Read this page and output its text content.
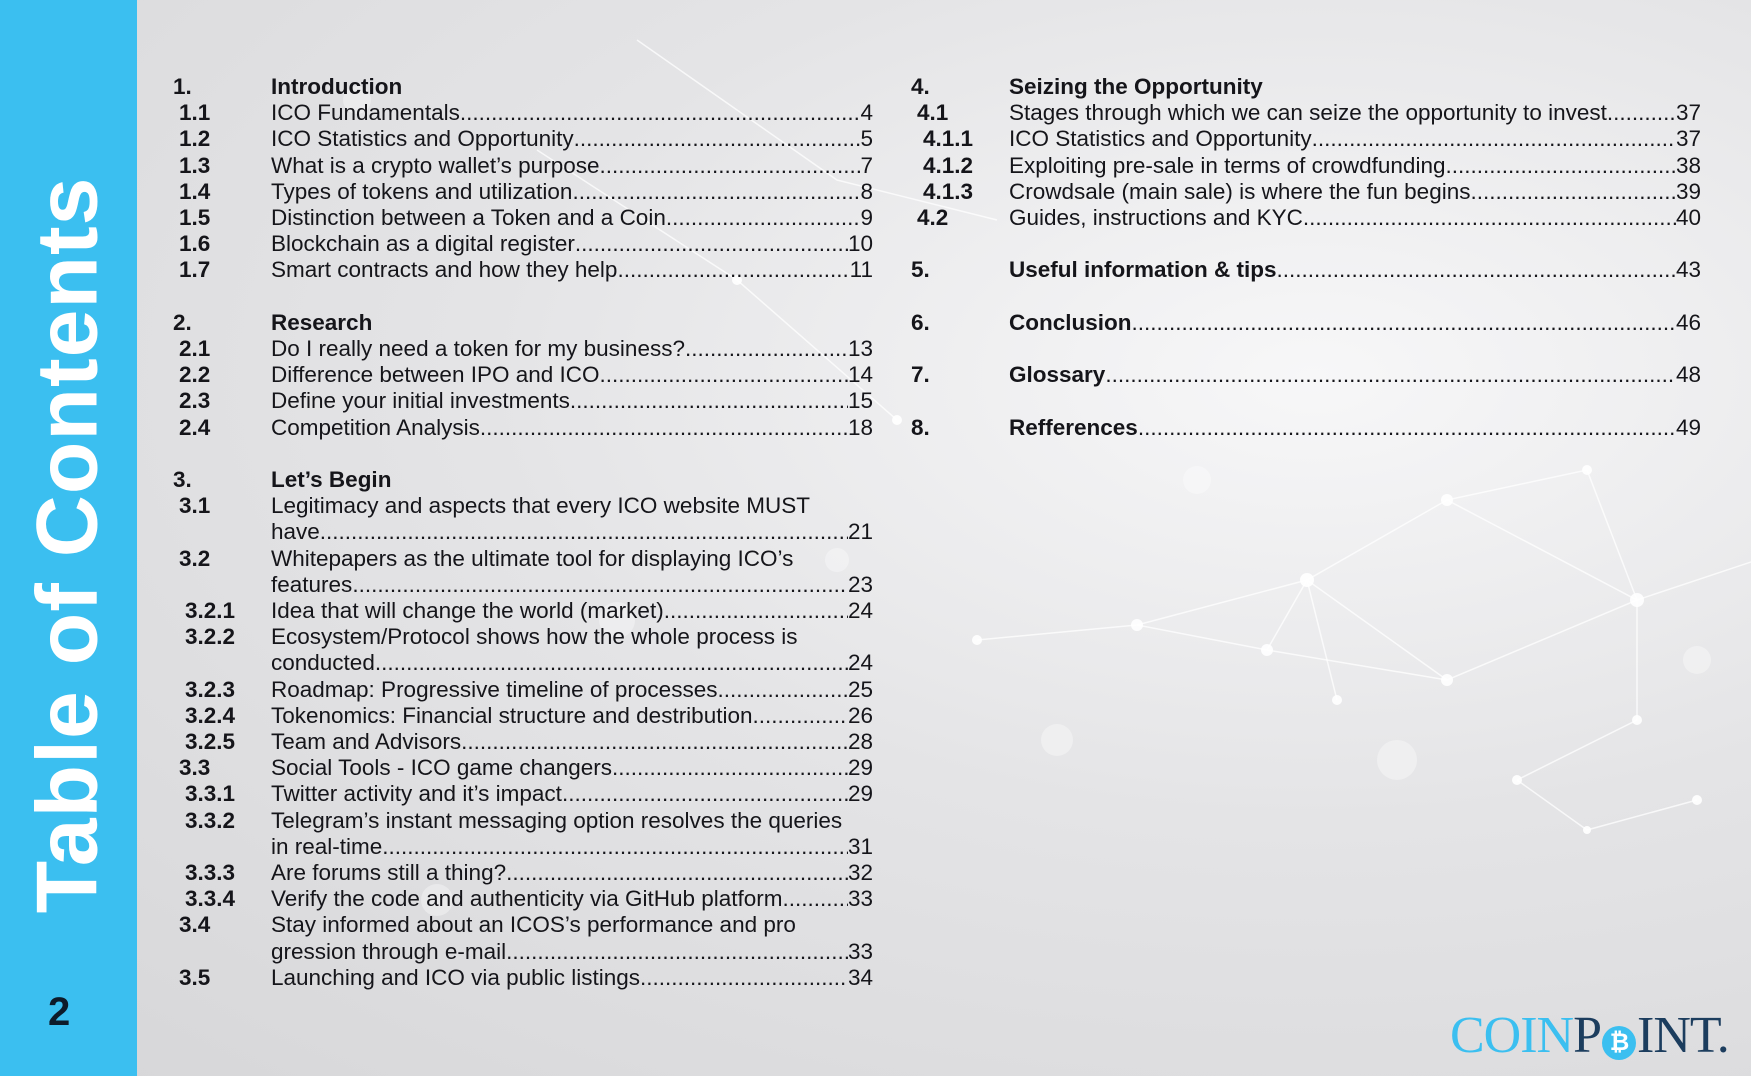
Table of Contents
2
1.	Introduction
1.1	ICO Fundamentals .....	4
1.2	ICO Statistics and Opportunity .....	5
1.3	What is a crypto wallet’s purpose .....	7
1.4	Types of tokens and utilization .....	8
1.5	Distinction between a Token and a Coin .....	9
1.6	Blockchain as a digital register .....	10
1.7	Smart contracts and how they help .....	11
2.	Research
2.1	Do I really need a token for my business? .....	13
2.2	Difference between IPO and ICO .....	14
2.3	Define your initial investments .....	15
2.4	Competition Analysis .....	18
3.	Let’s Begin
3.1	Legitimacy and aspects that every ICO website MUST
have .....	21
3.2	Whitepapers as the ultimate tool for displaying ICO’s
features .....	23
3.2.1	Idea that will change the world (market) .....	24
3.2.2	Ecosystem/Protocol shows how the whole process is
conducted .....	24
3.2.3	Roadmap: Progressive timeline of processes .....	25
3.2.4	Tokenomics: Financial structure and destribution .....	26
3.2.5	Team and Advisors .....	28
3.3	Social Tools - ICO game changers .....	29
3.3.1	Twitter activity and it’s impact .....	29
3.3.2	Telegram’s instant messaging option resolves the queries
in real-time .....	31
3.3.3	Are forums still a thing? .....	32
3.3.4	Verify the code and authenticity via GitHub platform .....	33
3.4	Stay informed about an ICOS’s performance and pro
gression through e-mail .....	33
3.5	Launching and ICO via public listings .....	34
4.	Seizing the Opportunity
4.1	Stages through which we can seize the opportunity to invest .....	37
4.1.1	ICO Statistics and Opportunity .....	37
4.1.2	Exploiting pre-sale in terms of crowdfunding .....	38
4.1.3	Crowdsale (main sale) is where the fun begins .....	39
4.2	Guides, instructions and KYC .....	40
5.	Useful information & tips .....	43
6.	Conclusion .....	46
7.	Glossary .....	48
8.	Refferences .....	49
COINP ₿ INT.
